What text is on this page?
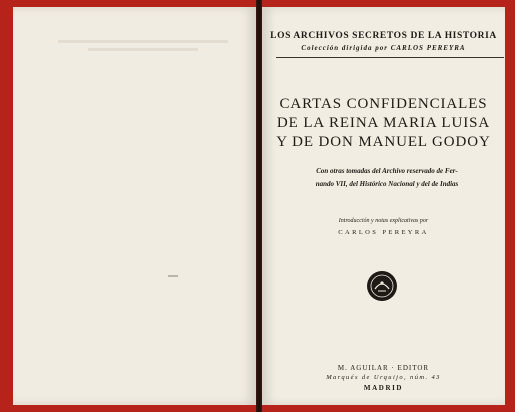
LOS ARCHIVOS SECRETOS DE LA HISTORIA
Colección dirigida por CARLOS PEREYRA
CARTAS CONFIDENCIALES
DE LA REINA MARIA LUISA
Y DE DON MANUEL GODOY
Con otras tomadas del Archivo reservado de Fer-
nando VII, del Histórico Nacional y del de Indias
Introducción y notas explicativas por
CARLOS PEREYRA
M. AGUILAR · EDITOR
Marqués de Urquijo, núm. 43
MADRID
